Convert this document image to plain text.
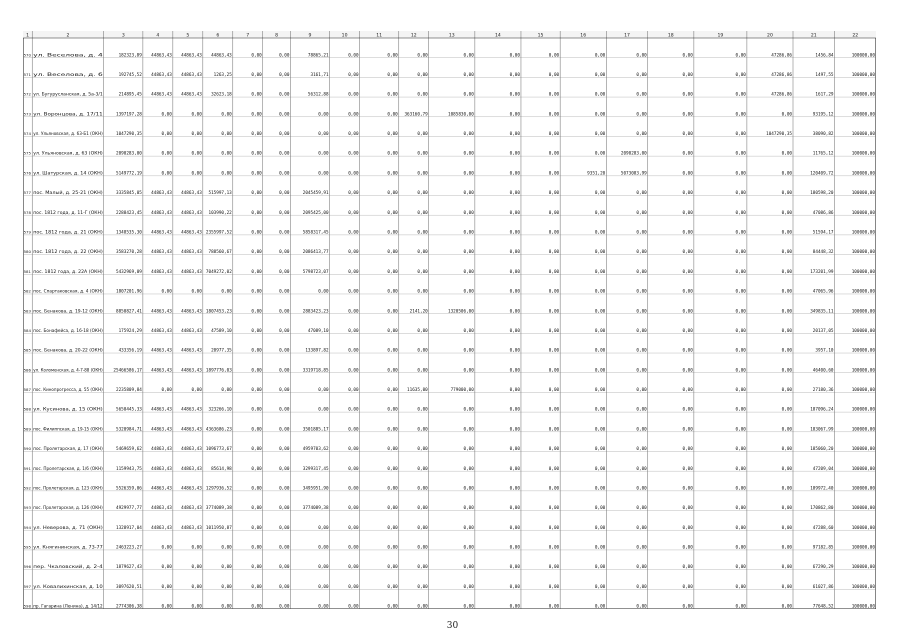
1	2	3	4	5	6	7	8	9	10	11	12	13	14	15	16	17	18	19	20	21	22
570 ул. Веселова, д. 4	182323,89 44863,43 44863,43 44863,43	0,00	0,00	78865,21	0,00	0,00	0,00	0,00	0,00	0,00	0,00	0,00	0,00	0,00	47286,86	1456,84	100000,00
571 ул. Веселова, д. 6	192745,52 44863,43 44863,43	1263,25	0,00	0,00	3161,71	0,00	0,00	0,00	0,00	0,00	0,00	0,00	0,00	0,00	0,00	47286,86	1497,55	100000,00
572 ул. Бугурусланская, д. 5а-3/1	214895,45 44863,43 44863,43 32623,18	0,00	0,00	56312,88	0,00	0,00	0,00	0,00	0,00	0,00	0,00	0,00	0,00	0,00	47286,86	1617,29	100000,00
573 ул. Воронцова, д. 17/11	1397197,28	0,00	0,00	0,00	0,00	0,00	0,00	0,00	0,00 363160,79	1085830,00	0,00	0,00	0,00	0,00	0,00	0,00	0,00	93195,12	100000,00
574 ул. Ульяновская, д. 63-Б1 (ОКН) 1047290,35	0,00	0,00	0,00	0,00	0,00	0,00	0,00	0,00	0,00	0,00	0,00	0,00	0,00	0,00	0,00	0,00	1047290,35	38090,82	100000,00
575 ул. Ульяновская, д. 63 (ОКН)	2090283,00	0,00	0,00	0,00	0,00	0,00	0,00	0,00	0,00	0,00	0,00	0,00	0,00	0,00	2090283,00	0,00	0,00	0,00	11765,12	100000,00
576 ул. Шатурская, д. 14 (ОКН)	5149772,19	0,00	0,00	0,00	0,00	0,00	0,00	0,00	0,00	0,00	0,00	0,00	0,00	9351,20	5073083,99	0,00	0,00	0,00	120409,72	100000,00
577 пос. Малый, д. 25-21 (ОКН)	3335845,05 44863,43 44863,43 515997,13	0,00	0,00	2045459,91	0,00	0,00	0,00	0,00	0,00	0,00	0,00	0,00	0,00	0,00	0,00	180598,20	100000,00
578 пос. 1812 года, д. 11-Г (ОКН)	2288423,45 44863,43 44863,43 103990,22	0,00	0,00	2095425,00	0,00	0,00	0,00	0,00	0,00	0,00	0,00	0,00	0,00	0,00	0,00	47086,86	100000,00
579 пос. 1812 года, д. 21 (ОКН)	1348535,30 44863,43 44863,43 2355997,52	0,00	0,00	5858317,45	0,00	0,00	0,00	0,00	0,00	0,00	0,00	0,00	0,00	0,00	0,00	51594,17	100000,00
580 пос. 1812 года, д. 22 (ОКН)	3583270,28 44863,43 44863,43 788560,67	0,00	0,00	2086413,77	0,00	0,00	0,00	0,00	0,00	0,00	0,00	0,00	0,00	0,00	0,00	84448,32	100000,00
581 пос. 1812 года, д. 22А (ОКН)	5432969,09 44863,43 44863,43 7049272,02	0,00	0,00	5798723,07	0,00	0,00	0,00	0,00	0,00	0,00	0,00	0,00	0,00	0,00	0,00	173201,99	100000,00
582 пос. Спартаковская, д. 4 (ОКН)	1807201,96	0,00	0,00	0,00	0,00	0,00	0,00	0,00	0,00	0,00	0,00	0,00	0,00	0,00	0,00	0,00	0,00	0,00	47065,96	100000,00
583 пос. Бенакова, д. 19-12 (ОКН)	8850827,41 44863,43 44863,43 1807453,23	0,00	0,00	2883423,23	0,00	0,00	2141,20	1320506,00	0,00	0,00	0,00	0,00	0,00	0,00	0,00	349835,11	100000,00
584 пос. Бонафейса, д. 16-18 (ОКН)	175924,29 44863,43 44863,43 47589,10	0,00	0,00	47089,10	0,00	0,00	0,00	0,00	0,00	0,00	0,00	0,00	0,00	0,00	0,00	20137,05	100000,00
585 пос. Бенакова, д. 20-22 (ОКН)	433356,19 44863,43 44863,43 20977,35	0,00	0,00	133897,82	0,00	0,00	0,00	0,00	0,00	0,00	0,00	0,00	0,00	0,00	0,00	3957,10	100000,00
586 ул. Коломенская, д. 4-7-88 (ОКН) 25466586,17 44863,43 44863,43 1897776,03	0,00	0,00	3319718,85	0,00	0,00	0,00	0,00	0,00	0,00	0,00	0,00	0,00	0,00	0,00	46400,60	100000,00
587 пос. Кинопрогресса, д. 55 (ОКН) 2235809,84	0,00	0,00	0,00	0,00	0,00	0,00	0,00	0,00 11635,00	779000,00	0,00	0,00	0,00	0,00	0,00	0,00	0,00	27180,36	100000,00
588 ул. Кусинова, д. 15 (ОКН)	5650445,33 44863,43 44863,43 323266,10	0,00	0,00	0,00	0,00	0,00	0,00	0,00	0,00	0,00	0,00	0,00	0,00	0,00	0,00	187096,24	100000,00
589 пос. Филиппская, д. 19-15 (ОКН) 5320984,71 44863,43 44863,43 4363686,23	0,00	0,00	3501885,17	0,00	0,00	0,00	0,00	0,00	0,00	0,00	0,00	0,00	0,00	0,00	183067,99	100000,00
590 пос. Пролетарская, д. 17 (ОКН)	5469659,62 44863,43 44863,43 1096773,67	0,00	0,00	4959703,62	0,00	0,00	0,00	0,00	0,00	0,00	0,00	0,00	0,00	0,00	0,00	185060,20	100000,00
591 пос. Пролетарская, д. 1/6 (ОКН) 1159943,75 44863,43 44863,43 85614,98	0,00	0,00	3299317,45	0,00	0,00	0,00	0,00	0,00	0,00	0,00	0,00	0,00	0,00	0,00	47209,04	100000,00
592 пос. Пролетарская, д. 123 (ОКН) 5526359,06 44863,43 44863,43 1297936,52	0,00	0,00	3495951,90	0,00	0,00	0,00	0,00	0,00	0,00	0,00	0,00	0,00	0,00	0,00	189972,40	100000,00
593 пос. Пролетарская, д. 126 (ОКН) 4929977,77 44863,43 44863,43 3774089,38	0,00	0,00	3774089,38	0,00	0,00	0,00	0,00	0,00	0,00	0,00	0,00	0,00	0,00	0,00	170862,80	100000,00
594 ул. Неверова, д. 71 (ОКН)	1328917,04 44863,43 44863,43 1011950,87	0,00	0,00	0,00	0,00	0,00	0,00	0,00	0,00	0,00	0,00	0,00	0,00	0,00	0,00	47288,60	100000,00
595 ул. Княгининская, д. 73-77	2463223,27	0,00	0,00	0,00	0,00	0,00	0,00	0,00	0,00	0,00	0,00	0,00	0,00	0,00	0,00	0,00	0,00	0,00	97182,85	100000,00
596 пер. Чкаловский, д. 2-4	1879627,43	0,00	0,00	0,00	0,00	0,00	0,00	0,00	0,00	0,00	0,00	0,00	0,00	0,00	0,00	0,00	0,00	0,00	67290,29	100000,00
597 ул. Ковалихинская, д. 10	3097620,51	0,00	0,00	0,00	0,00	0,00	0,00	0,00	0,00	0,00	0,00	0,00	0,00	0,00	0,00	0,00	0,00	0,00	61027,86	100000,00
598 пр. Гагарина (Ленина), д. 14/12	2774306,38	0,00	0,00	0,00	0,00	0,00	0,00	0,00	0,00	0,00	0,00	0,00	0,00	0,00	0,00	0,00	0,00	0,00	77648,52	100000,00
30
